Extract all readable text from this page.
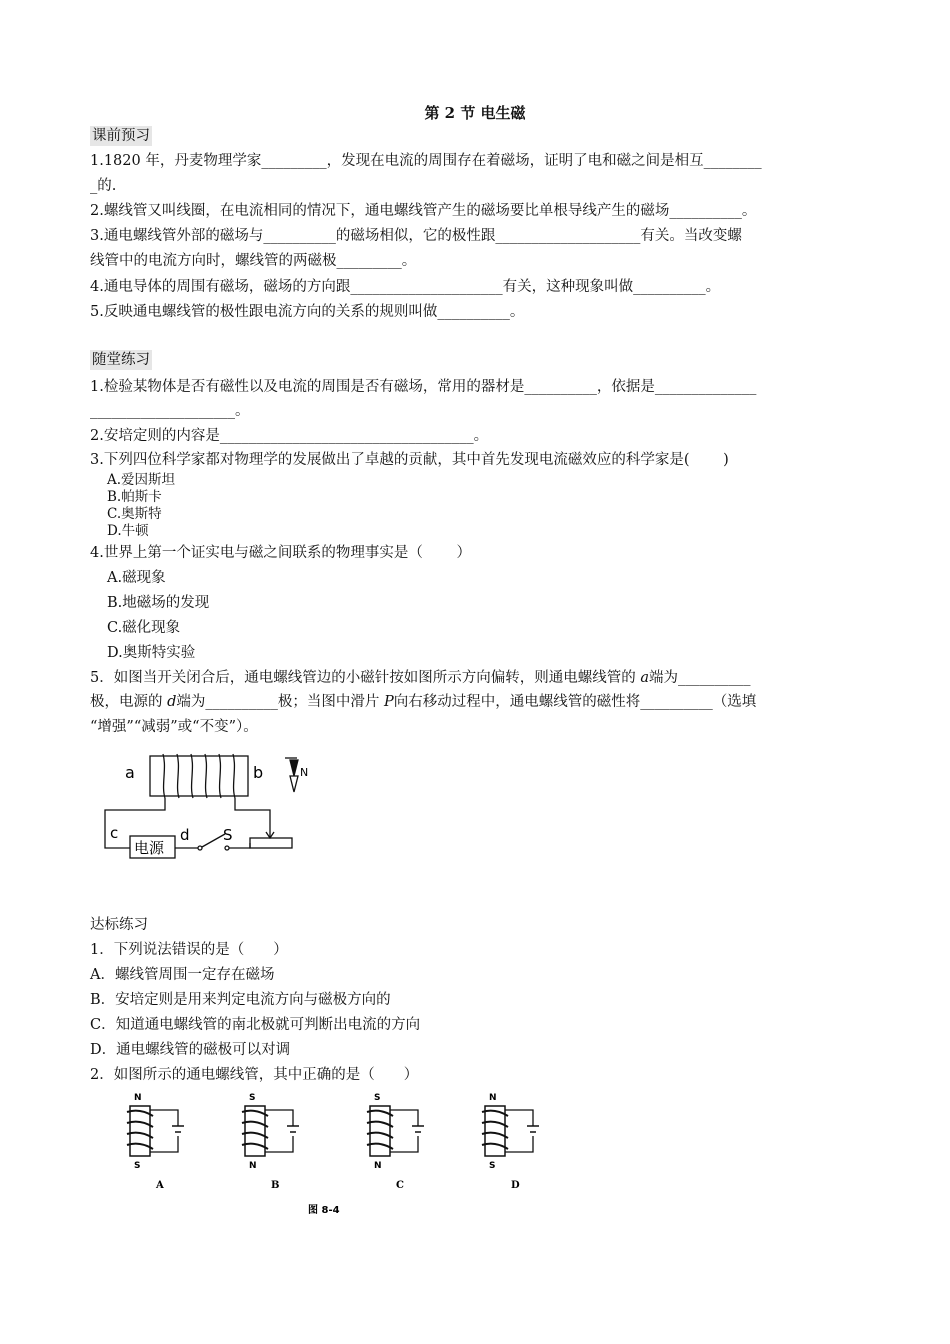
第 2 节 电生磁
课前预习
1.1820 年，丹麦物理学家_________，发现在电流的周围存在着磁场，证明了电和磁之间是相互________
_的.
2.螺线管又叫线圈，在电流相同的情况下，通电螺线管产生的磁场要比单根导线产生的磁场__________。
3.通电螺线管外部的磁场与__________的磁场相似，它的极性跟____________________有关。当改变螺
线管中的电流方向时，螺线管的两磁极_________。
4.通电导体的周围有磁场，磁场的方向跟_____________________有关，这种现象叫做__________。
5.反映通电螺线管的极性跟电流方向的关系的规则叫做__________。
随堂练习
1.检验某物体是否有磁性以及电流的周围是否有磁场，常用的器材是__________，依据是______________
____________________。
2.安培定则的内容是___________________________________。
3.下列四位科学家都对物理学的发展做出了卓越的贡献，其中首先发现电流磁效应的科学家是(　　 )
A.爱因斯坦
B.帕斯卡
C.奥斯特
D.牛顿
4.世界上第一个证实电与磁之间联系的物理事实是（　　 ）
A.磁现象
B.地磁场的发现
C.磁化现象
D.奥斯特实验
5．如图当开关闭合后，通电螺线管边的小磁针按如图所示方向偏转，则通电螺线管的 a端为__________
极，电源的 d端为__________极；当图中滑片 P向右移动过程中，通电螺线管的磁性将__________（选填
“增强”“减弱”或“不变”）。
a	b
c	d S
N
电源
达标练习
1．下列说法错误的是（　　）
A．螺线管周围一定存在磁场
B．安培定则是用来判定电流方向与磁极方向的
C．知道通电螺线管的南北极就可判断出电流的方向
D．通电螺线管的磁极可以对调
2．如图所示的通电螺线管，其中正确的是（　　）
N
S
A
S
N
B
S
N
C
N
S
D
图 8-4
